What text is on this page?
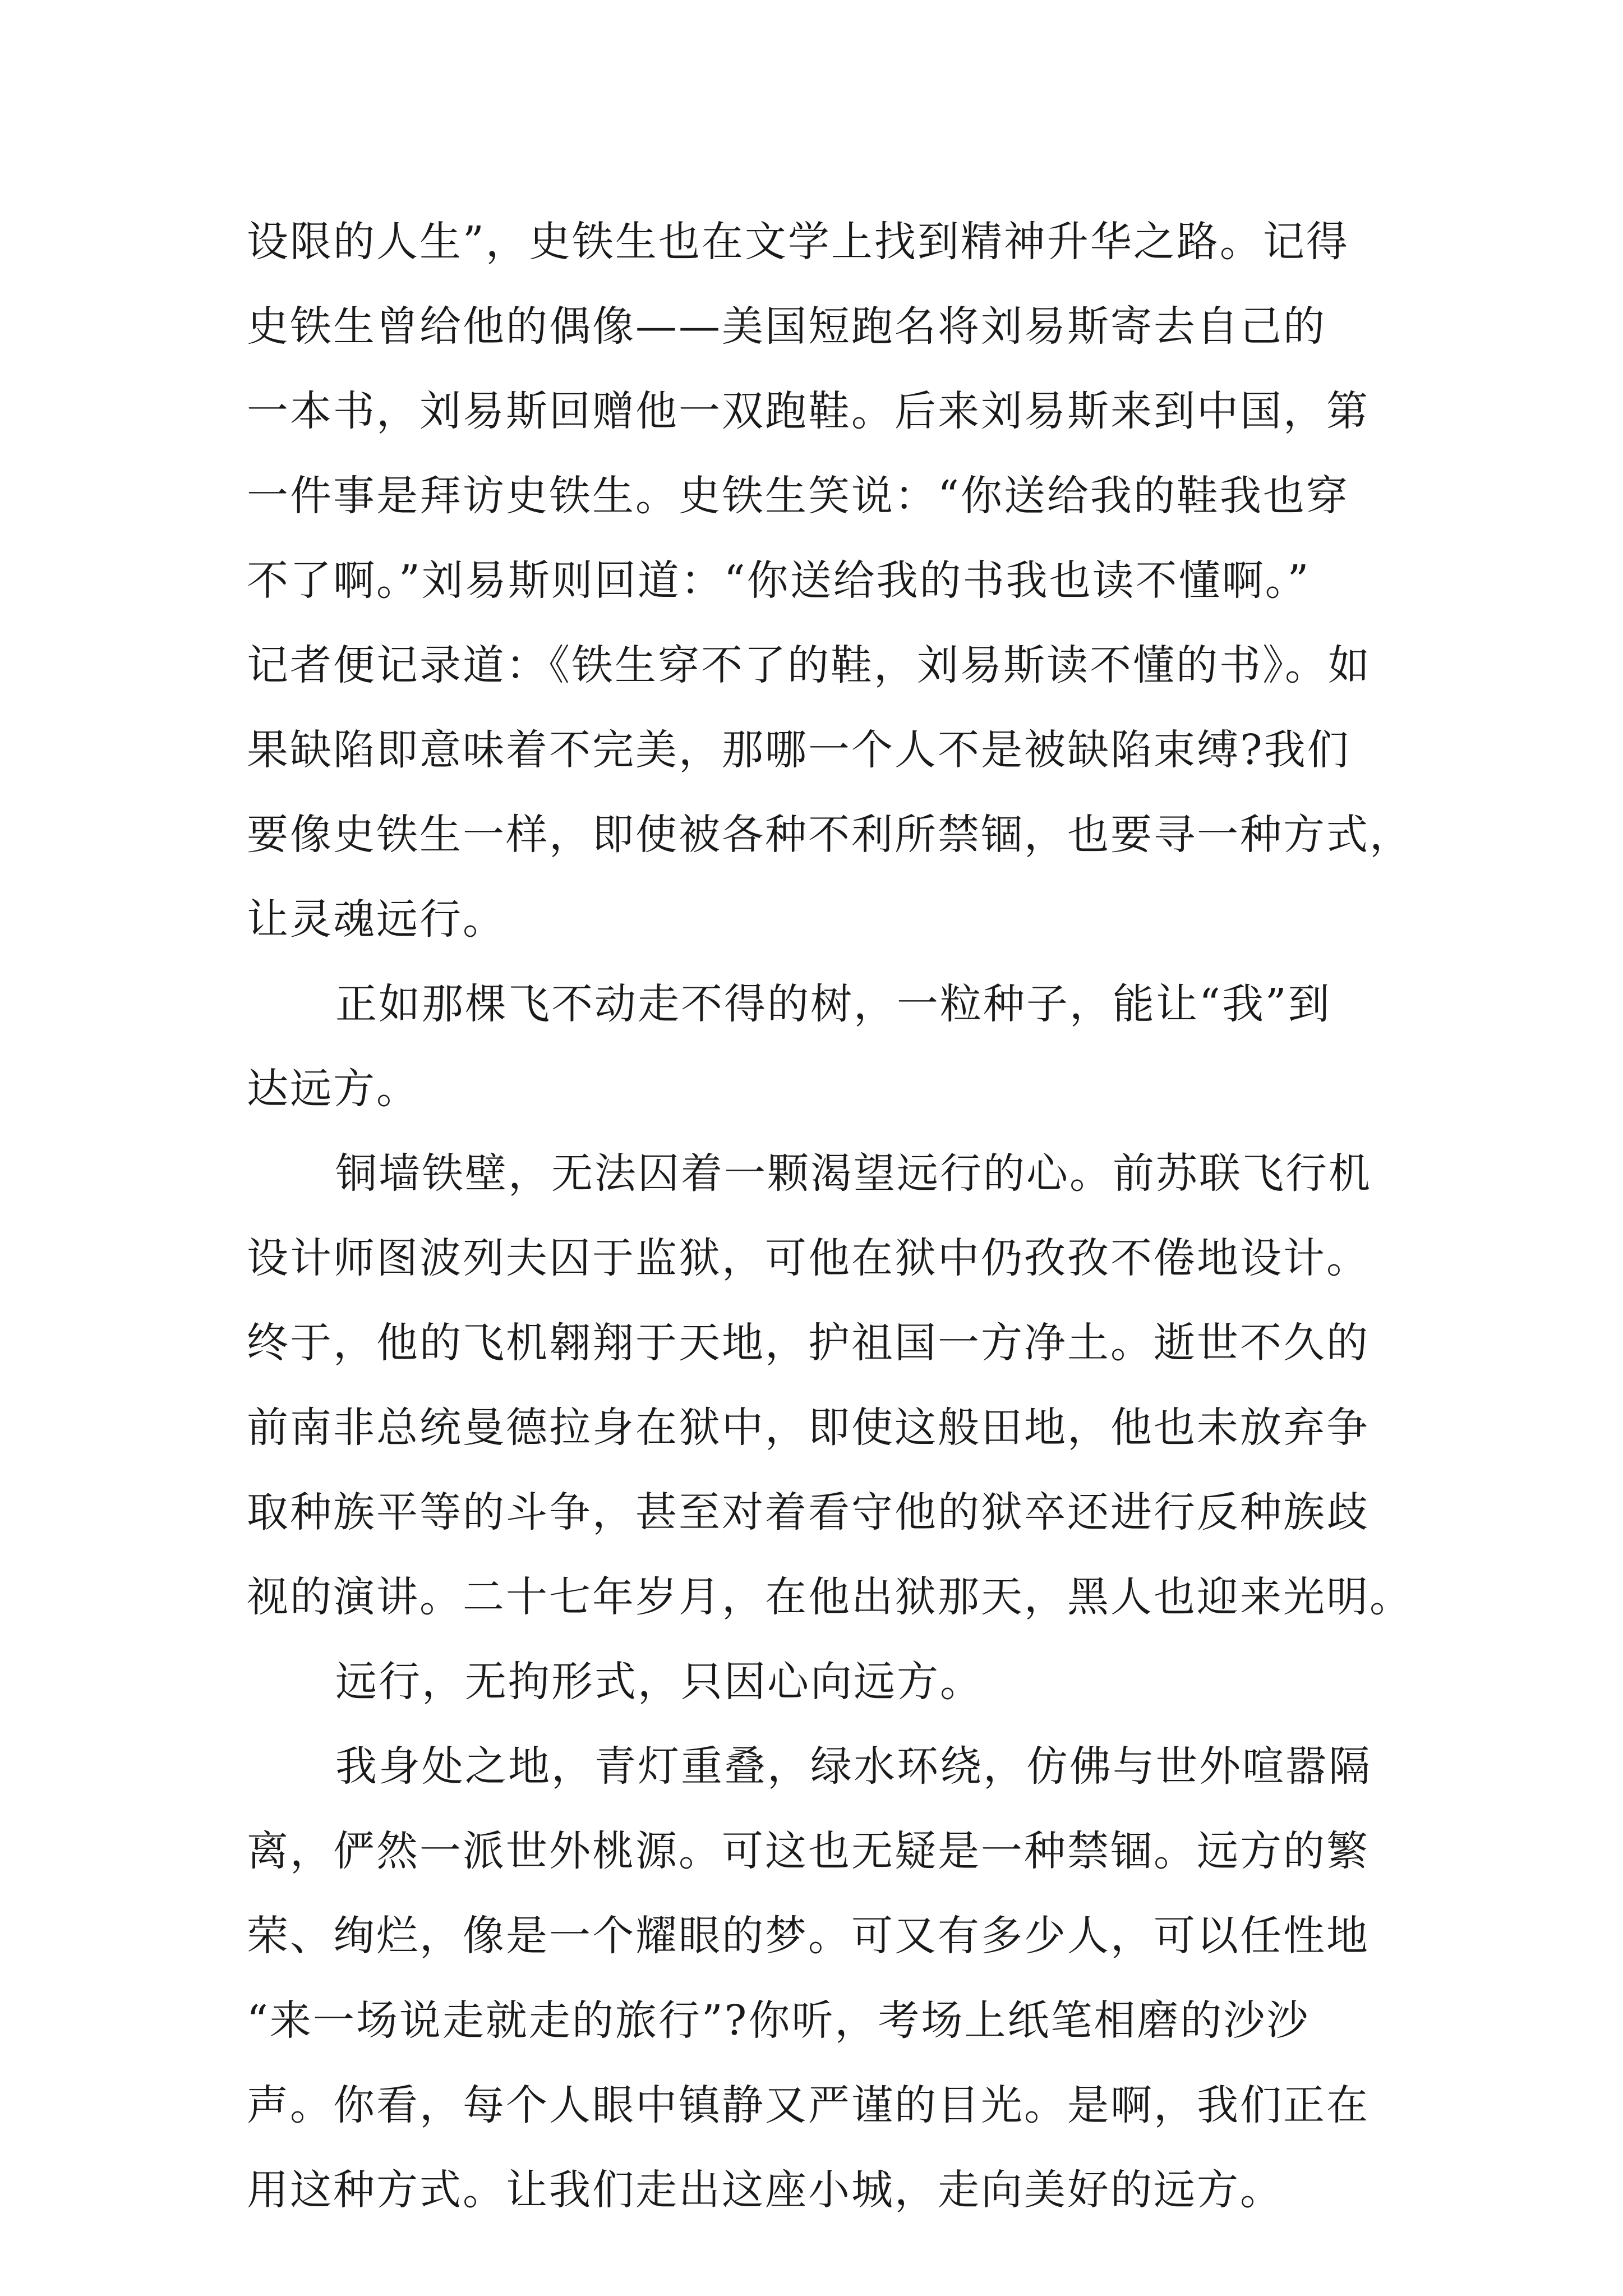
设限的人生”，史铁生也在文学上找到精神升华之路。记得
史铁生曾给他的偶像——美国短跑名将刘易斯寄去自己的
一本书，刘易斯回赠他一双跑鞋。后来刘易斯来到中国，第
一件事是拜访史铁生。史铁生笑说：“你送给我的鞋我也穿
不了啊。”刘易斯则回道：“你送给我的书我也读不懂啊。”
记者便记录道：《铁生穿不了的鞋，刘易斯读不懂的书》。如
果缺陷即意味着不完美，那哪一个人不是被缺陷束缚?我们
要像史铁生一样，即使被各种不利所禁锢，也要寻一种方式，
让灵魂远行。
正如那棵飞不动走不得的树，一粒种子，能让“我”到
达远方。
铜墙铁壁，无法囚着一颗渴望远行的心。前苏联飞行机
设计师图波列夫囚于监狱，可他在狱中仍孜孜不倦地设计。
终于，他的飞机翱翔于天地，护祖国一方净土。逝世不久的
前南非总统曼德拉身在狱中，即使这般田地，他也未放弃争
取种族平等的斗争，甚至对着看守他的狱卒还进行反种族歧
视的演讲。二十七年岁月，在他出狱那天，黑人也迎来光明。
远行，无拘形式，只因心向远方。
我身处之地，青灯重叠，绿水环绕，仿佛与世外喧嚣隔
离，俨然一派世外桃源。可这也无疑是一种禁锢。远方的繁
荣、绚烂，像是一个耀眼的梦。可又有多少人，可以任性地
“来一场说走就走的旅行”?你听，考场上纸笔相磨的沙沙
声。你看，每个人眼中镇静又严谨的目光。是啊，我们正在
用这种方式。让我们走出这座小城，走向美好的远方。
